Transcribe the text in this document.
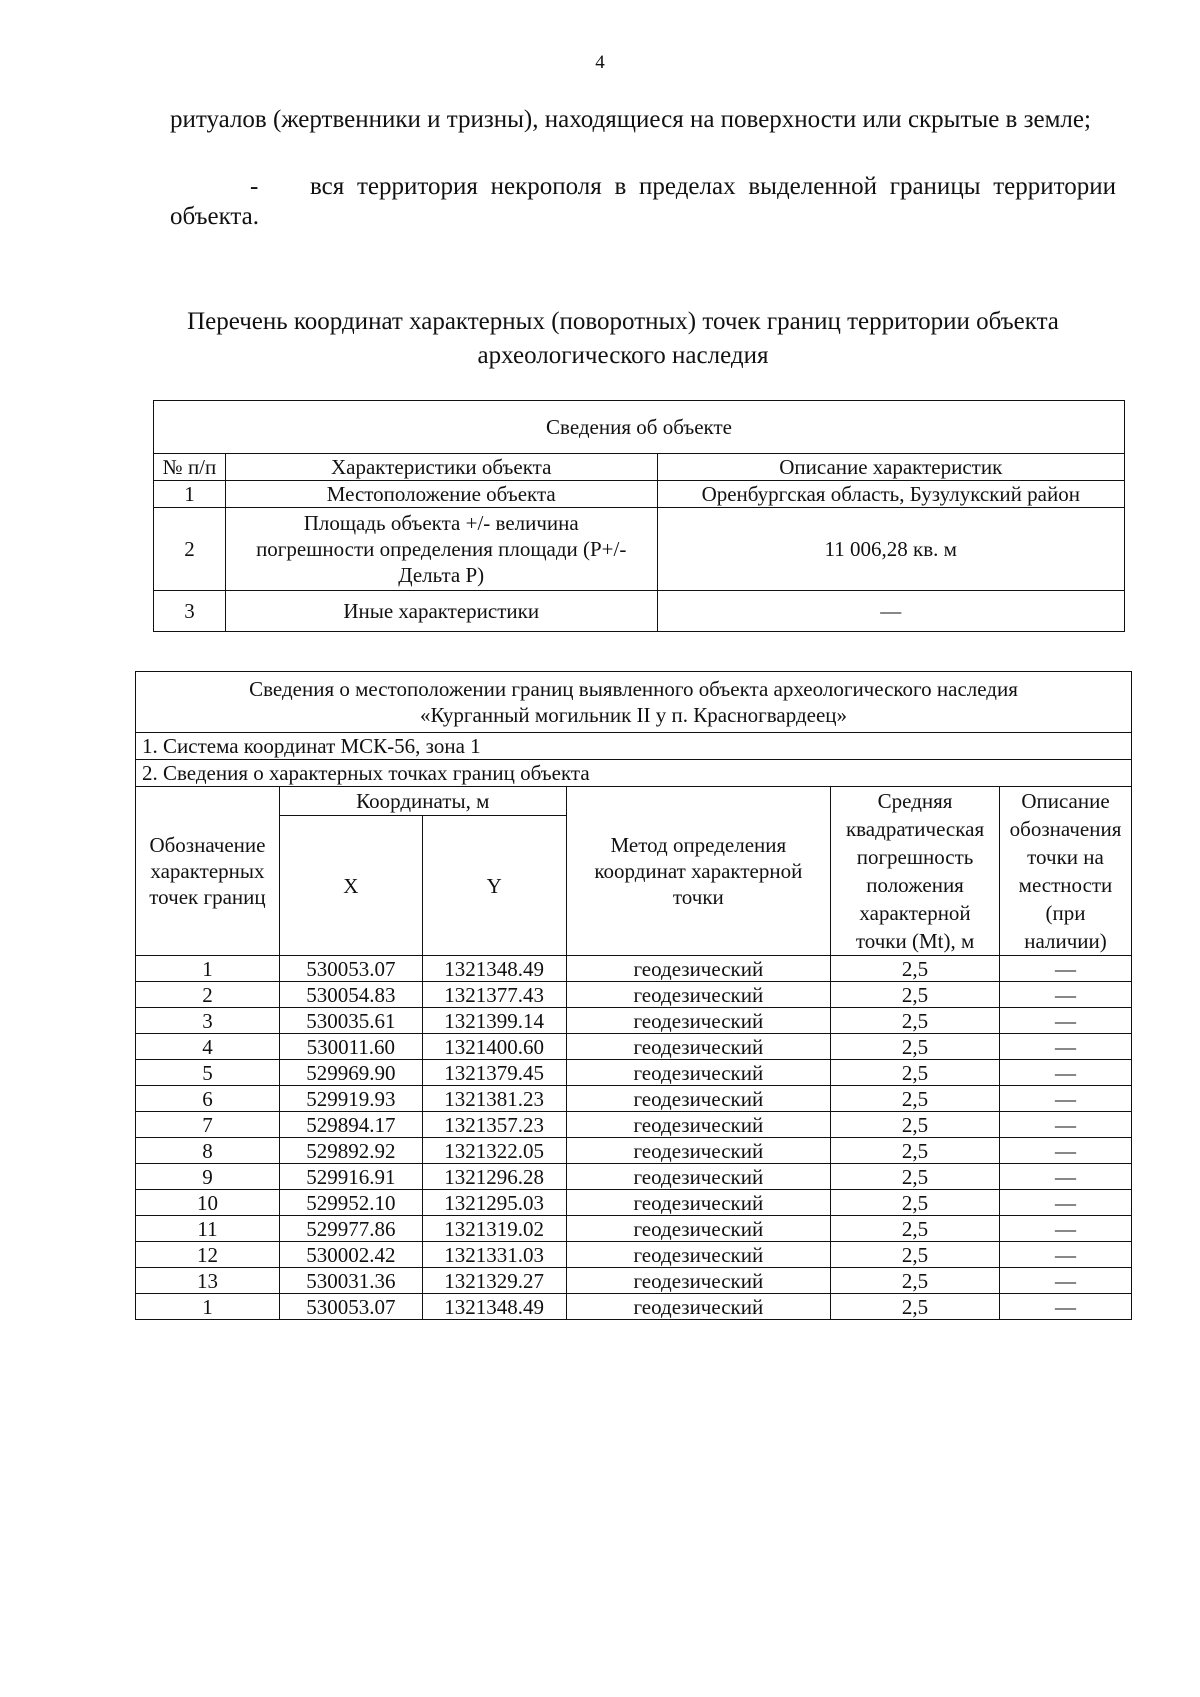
4

ритуалов (жертвенники и тризны), находящиеся на поверхности или скрытые в земле;

- вся территория некрополя в пределах выделенной границы территории объекта.

Перечень координат характерных (поворотных) точек границ территории объекта археологического наследия
Сведения об объекте		
№ п/п	Характеристики объекта	Описание характеристик
1	Местоположение объекта	Оренбургская область, Бузулукский район
2	Площадь объекта +/- величина погрешности определения площади (P+/- Дельта P)	11 006,28 кв. м
3	Иные характеристики	—
Сведения о местоположении границ выявленного объекта археологического наследия «Курганный могильник II у п. Красногвардеец»					
1. Система координат МСК-56, зона 1					
2. Сведения о характерных точках границ объекта					
Обозначение характерных точек границ	Координаты, м		Метод определения координат характерной точки	Средняя квадратическая погрешность положения характерной точки (Mt), м	Описание обозначения точки на местности (при наличии)
	X	Y			
1	530053.07	1321348.49	геодезический	2,5	—
2	530054.83	1321377.43	геодезический	2,5	—
3	530035.61	1321399.14	геодезический	2,5	—
4	530011.60	1321400.60	геодезический	2,5	—
5	529969.90	1321379.45	геодезический	2,5	—
6	529919.93	1321381.23	геодезический	2,5	—
7	529894.17	1321357.23	геодезический	2,5	—
8	529892.92	1321322.05	геодезический	2,5	—
9	529916.91	1321296.28	геодезический	2,5	—
10	529952.10	1321295.03	геодезический	2,5	—
11	529977.86	1321319.02	геодезический	2,5	—
12	530002.42	1321331.03	геодезический	2,5	—
13	530031.36	1321329.27	геодезический	2,5	—
1	530053.07	1321348.49	геодезический	2,5	—
